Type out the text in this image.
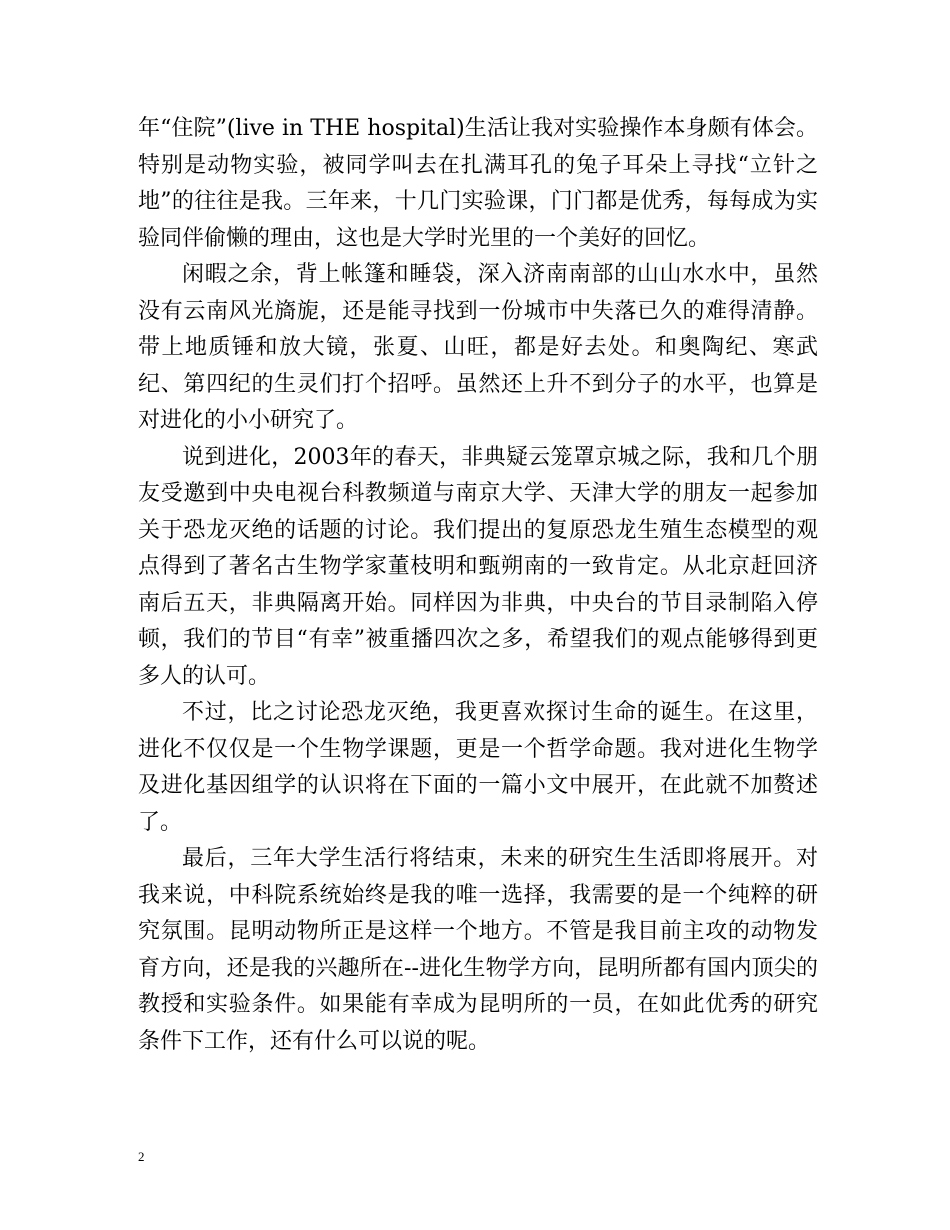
年“住院”(live in THE hospital)生活让我对实验操作本身颇有体会。特别是动物实验，被同学叫去在扎满耳孔的兔子耳朵上寻找“立针之地”的往往是我。三年来，十几门实验课，门门都是优秀，每每成为实验同伴偷懒的理由，这也是大学时光里的一个美好的回忆。

闲暇之余，背上帐篷和睡袋，深入济南南部的山山水水中，虽然没有云南风光旖旎，还是能寻找到一份城市中失落已久的难得清静。带上地质锤和放大镜，张夏、山旺，都是好去处。和奥陶纪、寒武纪、第四纪的生灵们打个招呼。虽然还上升不到分子的水平，也算是对进化的小小研究了。

说到进化，2003年的春天，非典疑云笼罩京城之际，我和几个朋友受邀到中央电视台科教频道与南京大学、天津大学的朋友一起参加关于恐龙灭绝的话题的讨论。我们提出的复原恐龙生殖生态模型的观点得到了著名古生物学家董枝明和甄朔南的一致肯定。从北京赶回济南后五天，非典隔离开始。同样因为非典，中央台的节目录制陷入停顿，我们的节目“有幸”被重播四次之多，希望我们的观点能够得到更多人的认可。

不过，比之讨论恐龙灭绝，我更喜欢探讨生命的诞生。在这里，进化不仅仅是一个生物学课题，更是一个哲学命题。我对进化生物学及进化基因组学的认识将在下面的一篇小文中展开，在此就不加赘述了。

最后，三年大学生活行将结束，未来的研究生生活即将展开。对我来说，中科院系统始终是我的唯一选择，我需要的是一个纯粹的研究氛围。昆明动物所正是这样一个地方。不管是我目前主攻的动物发育方向，还是我的兴趣所在--进化生物学方向，昆明所都有国内顶尖的教授和实验条件。如果能有幸成为昆明所的一员，在如此优秀的研究条件下工作，还有什么可以说的呢。

2
